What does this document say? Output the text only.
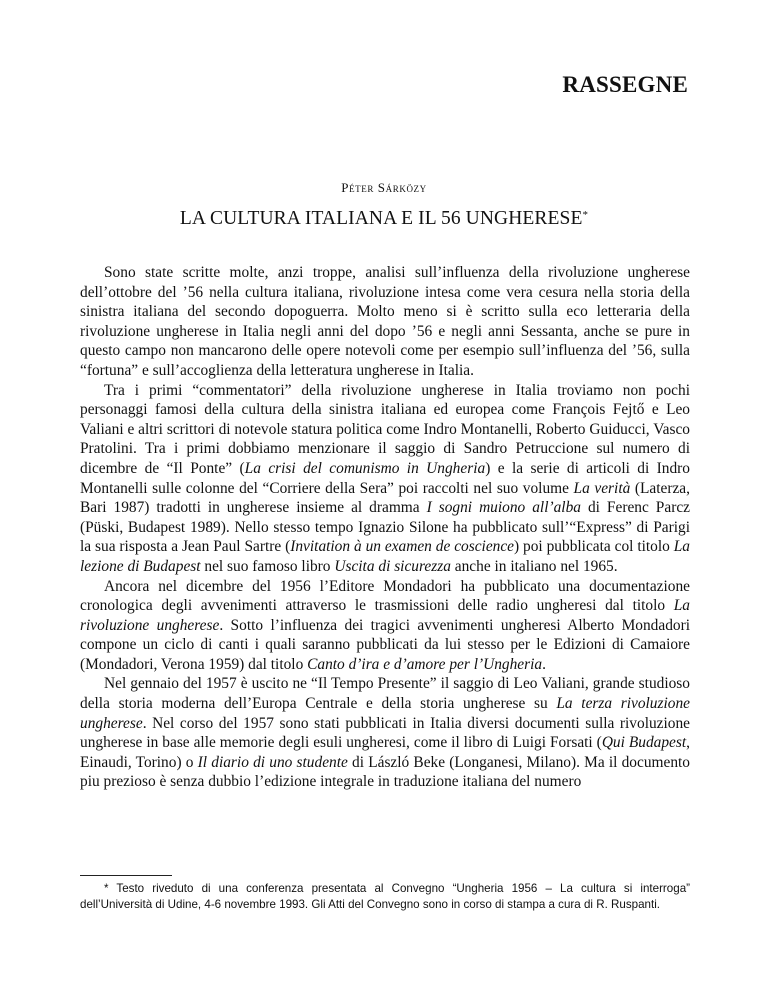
RASSEGNE
Péter Sárközy
LA CULTURA ITALIANA E IL 56 UNGHERESE*

Sono state scritte molte, anzi troppe, analisi sull’influenza della rivoluzione ungherese dell’ottobre del ’56 nella cultura italiana, rivoluzione intesa come vera cesura nella storia della sinistra italiana del secondo dopoguerra. Molto meno si è scritto sulla eco letteraria della rivoluzione ungherese in Italia negli anni del dopo ’56 e negli anni Sessanta, anche se pure in questo campo non mancarono delle opere notevoli come per esempio sull’influenza del ’56, sulla “fortuna” e sull’accoglienza della letteratura ungherese in Italia.

Tra i primi “commentatori” della rivoluzione ungherese in Italia troviamo non pochi personaggi famosi della cultura della sinistra italiana ed europea come François Fejtő e Leo Valiani e altri scrittori di notevole statura politica come Indro Montanelli, Roberto Guiducci, Vasco Pratolini. Tra i primi dobbiamo menzionare il saggio di Sandro Petruccione sul numero di dicembre de “Il Ponte” (La crisi del comunismo in Ungheria) e la serie di articoli di Indro Montanelli sulle colonne del “Corriere della Sera” poi raccolti nel suo volume La verità (Laterza, Bari 1987) tradotti in ungherese insieme al dramma I sogni muiono all’alba di Ferenc Parcz (Püski, Budapest 1989). Nello stesso tempo Ignazio Silone ha pubblicato sull’“Express” di Parigi la sua risposta a Jean Paul Sartre (Invitation à un examen de coscience) poi pubblicata col titolo La lezione di Budapest nel suo famoso libro Uscita di sicurezza anche in italiano nel 1965.

Ancora nel dicembre del 1956 l’Editore Mondadori ha pubblicato una documentazione cronologica degli avvenimenti attraverso le trasmissioni delle radio ungheresi dal titolo La rivoluzione ungherese. Sotto l’influenza dei tragici avvenimenti ungheresi Alberto Mondadori compone un ciclo di canti i quali saranno pubblicati da lui stesso per le Edizioni di Camaiore (Mondadori, Verona 1959) dal titolo Canto d’ira e d’amore per l’Ungheria.

Nel gennaio del 1957 è uscito ne “Il Tempo Presente” il saggio di Leo Valiani, grande studioso della storia moderna dell’Europa Centrale e della storia ungherese su La terza rivoluzione ungherese. Nel corso del 1957 sono stati pubblicati in Italia diversi documenti sulla rivoluzione ungherese in base alle memorie degli esuli ungheresi, come il libro di Luigi Forsati (Qui Budapest, Einaudi, Torino) o Il diario di uno studente di László Beke (Longanesi, Milano). Ma il documento piu prezioso è senza dubbio l’edizione integrale in traduzione italiana del numero

* Testo riveduto di una conferenza presentata al Convegno “Ungheria 1956 – La cultura si interroga” dell’Università di Udine, 4-6 novembre 1993. Gli Atti del Convegno sono in corso di stampa a cura di R. Ruspanti.
